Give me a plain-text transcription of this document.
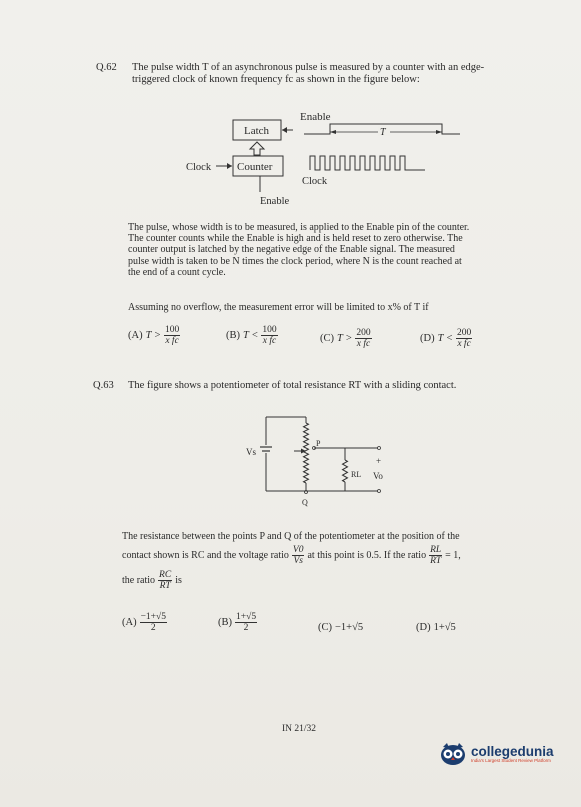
Q.62 The pulse width T of an asynchronous pulse is measured by a counter with an edge-
triggered clock of known frequency fc as shown in the figure below:
Enable
Latch	T
Counter
Clock
Enable
Clock
The pulse, whose width is to be measured, is applied to the Enable pin of the counter.
The counter counts while the Enable is high and is held reset to zero otherwise. The
counter output is latched by the negative edge of the Enable signal. The measured
pulse width is taken to be N times the clock period, where N is the count reached at
the end of a count cycle.
Assuming no overflow, the measurement error will be limited to x% of T if
(A) $T > \frac{100}{\text{x fc}}$	(B) $T < \frac{100}{\text{x fc}}$	(C) $T > \frac{200}{\text{x fc}}$	(D) $T < \frac{200}{\text{x fc}}$
Q.63 The figure shows a potentiometer of total resistance RT with a sliding contact.
Vs
P
RL
+
Vo
Q
The resistance between the points P and Q of the potentiometer at the position of the
contact shown is RC and the voltage ratio $\frac{V0}{Vs}$ at this point is 0.5. If the ratio $\frac{RL}{RT} = 1$,
the ratio $\frac{RC}{RT}$ is
$(A) \frac{-1+√5}{2}$	$(B) \frac{1+√5}{2}$	(C) −1+√5	(D) 1+√5
IN 21/32
collegedunia
India's Largest Student Review Platform
